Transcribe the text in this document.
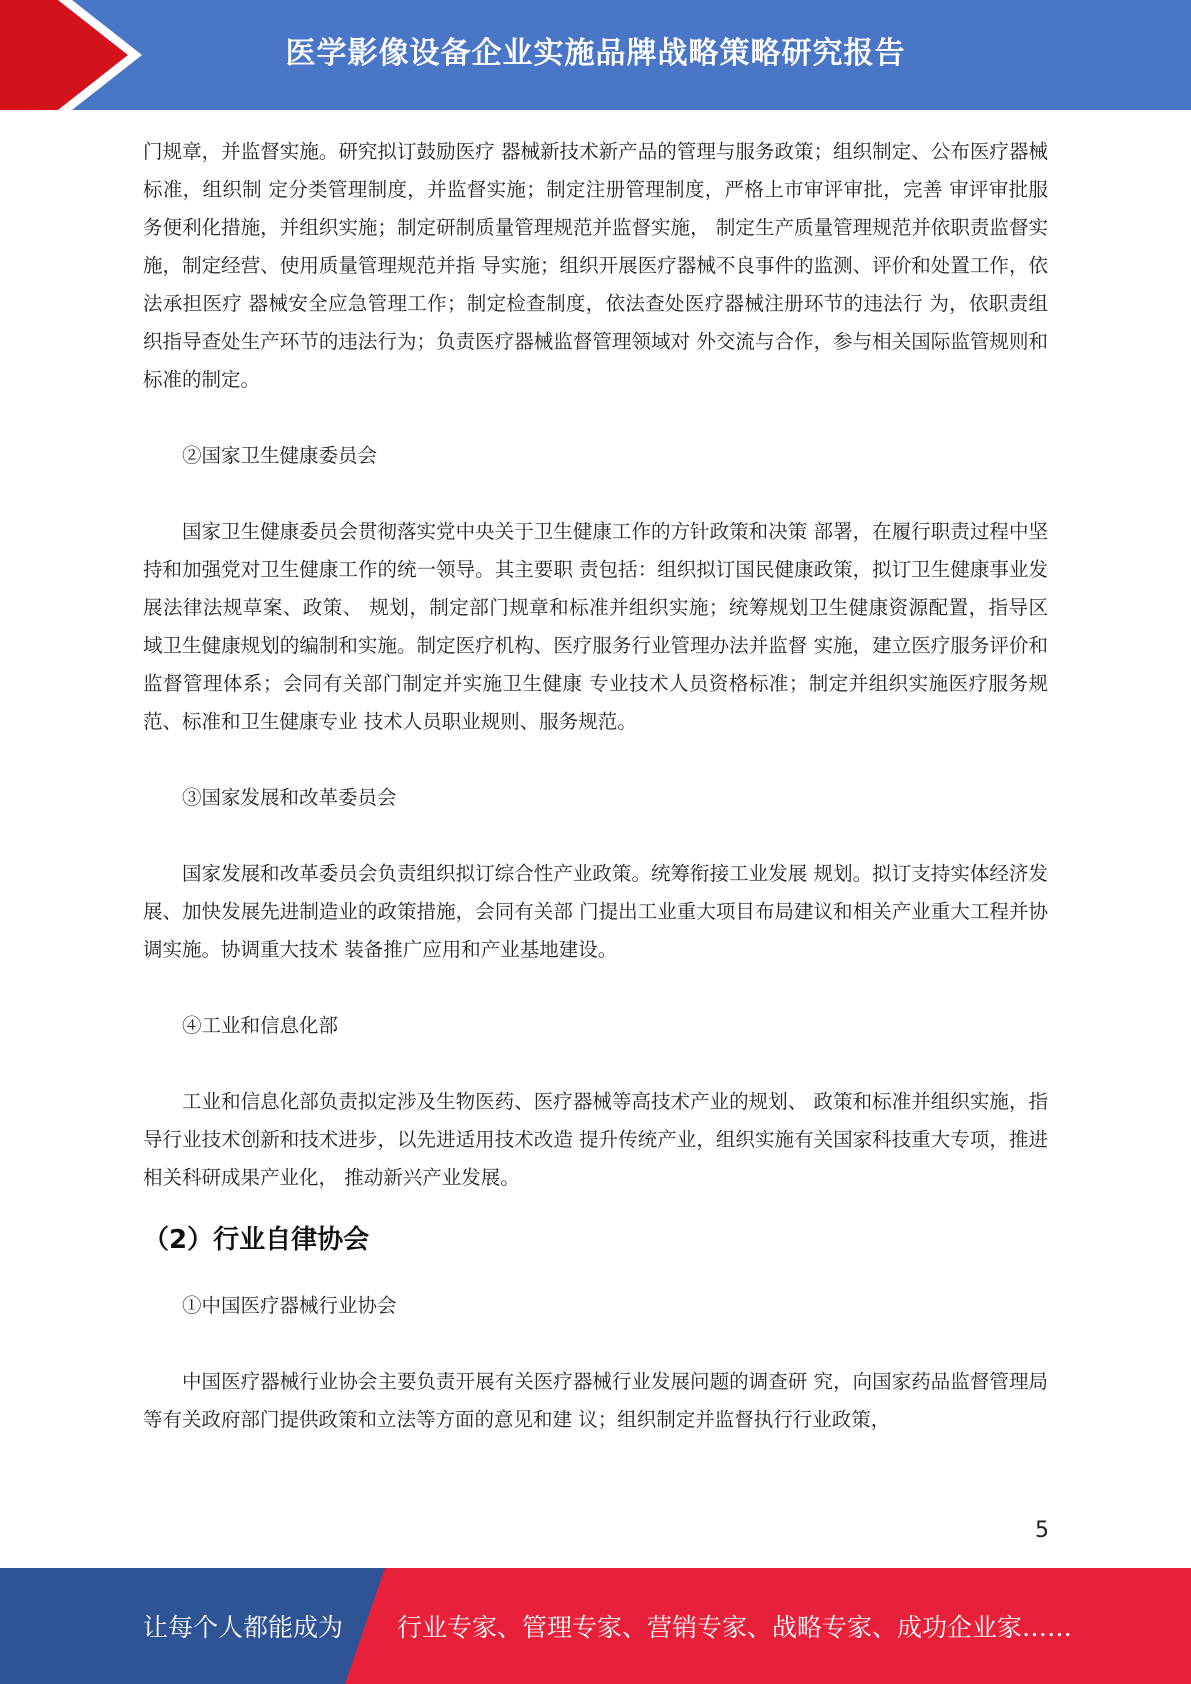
医学影像设备企业实施品牌战略策略研究报告

门规章，并监督实施。研究拟订鼓励医疗 器械新技术新产品的管理与服务政策；组织制定、公布医疗器械标准，组织制 定分类管理制度，并监督实施；制定注册管理制度，严格上市审评审批，完善 审评审批服务便利化措施，并组织实施；制定研制质量管理规范并监督实施， 制定生产质量管理规范并依职责监督实施，制定经营、使用质量管理规范并指 导实施；组织开展医疗器械不良事件的监测、评价和处置工作，依法承担医疗 器械安全应急管理工作；制定检查制度，依法查处医疗器械注册环节的违法行 为，依职责组织指导查处生产环节的违法行为；负责医疗器械监督管理领域对 外交流与合作，参与相关国际监管规则和标准的制定。

②国家卫生健康委员会

国家卫生健康委员会贯彻落实党中央关于卫生健康工作的方针政策和决策 部署，在履行职责过程中坚持和加强党对卫生健康工作的统一领导。其主要职 责包括：组织拟订国民健康政策，拟订卫生健康事业发展法律法规草案、政策、 规划，制定部门规章和标准并组织实施；统筹规划卫生健康资源配置，指导区 域卫生健康规划的编制和实施。制定医疗机构、医疗服务行业管理办法并监督 实施，建立医疗服务评价和监督管理体系；会同有关部门制定并实施卫生健康 专业技术人员资格标准；制定并组织实施医疗服务规范、标准和卫生健康专业 技术人员职业规则、服务规范。

③国家发展和改革委员会

国家发展和改革委员会负责组织拟订综合性产业政策。统筹衔接工业发展 规划。拟订支持实体经济发展、加快发展先进制造业的政策措施，会同有关部 门提出工业重大项目布局建议和相关产业重大工程并协调实施。协调重大技术 装备推广应用和产业基地建设。

④工业和信息化部

工业和信息化部负责拟定涉及生物医药、医疗器械等高技术产业的规划、 政策和标准并组织实施，指导行业技术创新和技术进步，以先进适用技术改造 提升传统产业，组织实施有关国家科技重大专项，推进相关科研成果产业化， 推动新兴产业发展。

（2）行业自律协会

①中国医疗器械行业协会

中国医疗器械行业协会主要负责开展有关医疗器械行业发展问题的调查研 究，向国家药品监督管理局等有关政府部门提供政策和立法等方面的意见和建 议；组织制定并监督执行行业政策，

5
让每个人都能成为 行业专家、管理专家、营销专家、战略专家、成功企业家……
